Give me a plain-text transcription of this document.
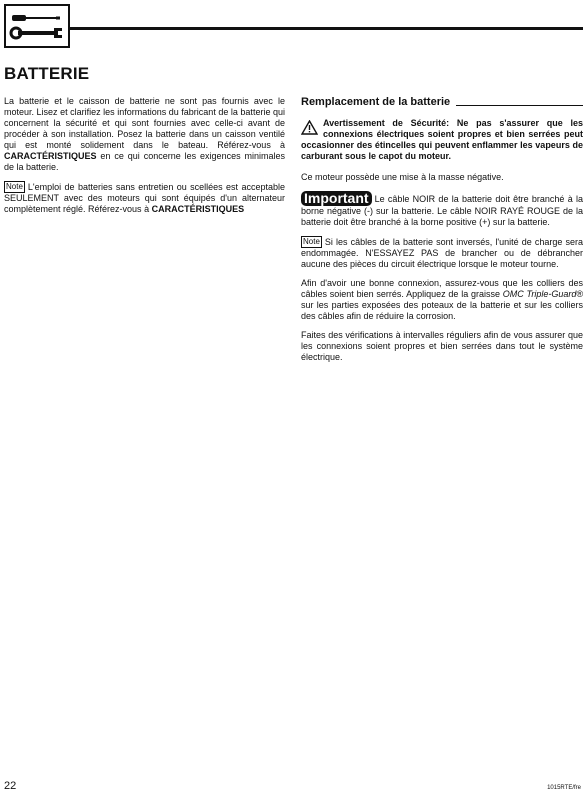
BATTERIE

La batterie et le caisson de batterie ne sont pas fournis avec le moteur. Lisez et clarifiez les informations du fabricant de la batterie qui concernent la sécurité et qui sont fournies avec celle-ci avant de procéder à son installation. Posez la batterie dans un caisson ventilé qui est monté solidement dans le bateau. Référez-vous à CARACTÉRISTIQUES en ce qui concerne les exigences minimales de la batterie.

Note L'emploi de batteries sans entretien ou scellées est acceptable SEULEMENT avec des moteurs qui sont équipés d'un alternateur complètement réglé. Référez-vous à CARACTÉRISTIQUES

Remplacement de la batterie

Avertissement de Sécurité: Ne pas s'assurer que les connexions électriques soient propres et bien serrées peut occasionner des étincelles qui peuvent enflammer les vapeurs de carburant sous le capot du moteur.

Ce moteur possède une mise à la masse négative.

Important Le câble NOIR de la batterie doit être branché à la borne négative (-) sur la batterie. Le câble NOIR RAYÉ ROUGE de la batterie doit être branché à la borne positive (+) sur la batterie.

Note Si les câbles de la batterie sont inversés, l'unité de charge sera endommagée. N'ESSAYEZ PAS de brancher ou de débrancher aucune des pièces du circuit électrique lorsque le moteur tourne.

Afin d'avoir une bonne connexion, assurez-vous que les colliers des câbles soient bien serrés. Appliquez de la graisse OMC Triple-Guard® sur les parties exposées des poteaux de la batterie et sur les colliers des câbles afin de réduire la corrosion.

Faites des vérifications à intervalles réguliers afin de vous assurer que les connexions soient propres et bien serrées dans tout le système électrique.

22	1015RTE/fre
